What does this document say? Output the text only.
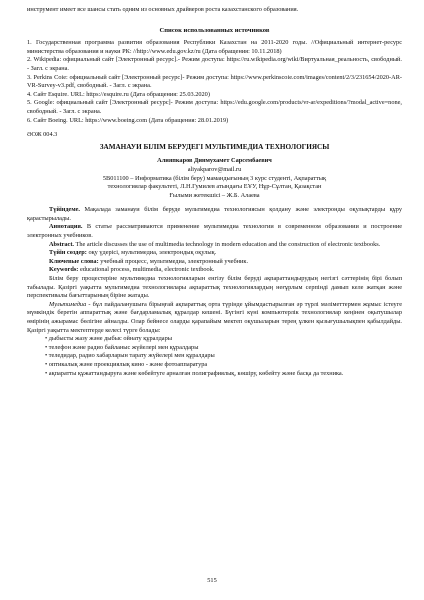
инструмент имеет все шансы стать одним из основных драйверов роста казахстанского образования.

Список использованных источников

1. Государственная программа развития образования Республики Казахстан на 2011-2020 годы. //Официальный интернет-ресурс министерства образования и науки РК: //http://www.edu.gov.kz/ru (Дата обращения: 10.11.2018)

2. Wikipedia: официальный сайт [Электронный ресурс].- Режим доступа: https://ru.wikipedia.org/wiki/Виртуальная_реальность, свободный. - Загл. с экрана.

3. Perkins Coie: официальный сайт [Электронный ресурс]- Режим доступа: https://www.perkinscoie.com/images/content/2/3/231654/2020-AR-VR-Survey-v3.pdf, свободный. - Загл. с экрана.

4. Сайт Esquire. URL: https://esquire.ru (Дата обращения: 25.03.2020)

5. Google: официальный сайт [Электронный ресурс]- Режим доступа: https://edu.google.com/products/vr-ar/expeditions/?modal_active=none, свободный. - Загл. с экрана.

6. Сайт Boeing. URL: https://www.boeing.com (Дата обращения: 28.01.2019)

ӘОЖ 004.3

ЗАМАНАУИ БІЛІМ БЕРУДЕГІ МУЛЬТИМЕДИА ТЕХНОЛОГИЯСЫ

Алияпкаров Динмухамет Сарсембаевич

aliyakparov@mail.ru

5В011100 – Информатика (білім беру) мамандығының 3 курс студенті, Ақпараттық

технологиялар факультеті, Л.Н.Гумилев атындағы ЕҰУ, Нұр-Сұлтан, Қазақстан

Ғылыми жетекшісі – Ж.Б. Алаева

Түйіндеме. Мақалада заманауи білім беруде мультимедиа технологиясын қолдану және электронды оқулықтарды құру қарастырылады.

Аннотация. В статье рассматриваются применение мультимедиа технологии в современном образовании и построение электронных учебников.

Abstract. The article discusses the use of multimedia technology in modern education and the construction of electronic textbooks.

Түйін сөздер: оқу үдерісі, мультимедиа, электрондық оқулық.

Ключевые слова: учебный процесс, мультимедиа, электронный учебник.

Keywords: educational process, multimedia, electronic textbook.

Білім беру процестеріне мультимедиа технологияларын енгізу білім беруді ақпараттандырудың негізгі сәттерінің бірі болып табылады. Қазіргі уақытта мультимедиа технологиялары ақпараттық технологиялардың неғұрлым серпінді дамып келе жатқан және перспективалы бағыттарының біріне жатады.

Мультимедиа - бұл пайдаланушыға бірыңғай ақпараттық орта түрінде ұйымдастырылған әр түрлі мәліметтермен жұмыс істеуге мүмкіндік беретін аппараттық және бағдарламалық құралдар кешені. Бүгінгі күні компьютерлік технологиялар кеңінен оқытушылар өмірінің ажырамас бөлігіне айналды. Олар бейнесе оларды қарапайым мектеп оқушыларын терең ұлкен қызығушылықпен қабылдайды. Қазіргі уақытта мектептерде келесі түрге болады:

• дыбысты жазу және дыбыс ойнату құралдары
• телефон және радио байланыс жүйелері мен құралдары
• теледидар, радио хабарларын тарату жүйелері мен құралдары
• оптикалық және проекциялық кино - және фотоаппаратура
• ақпаратты құжаттандыруға және көбейтуге арналған полиграфиялық, көшіру, көбейту және басқа да техника.
515
